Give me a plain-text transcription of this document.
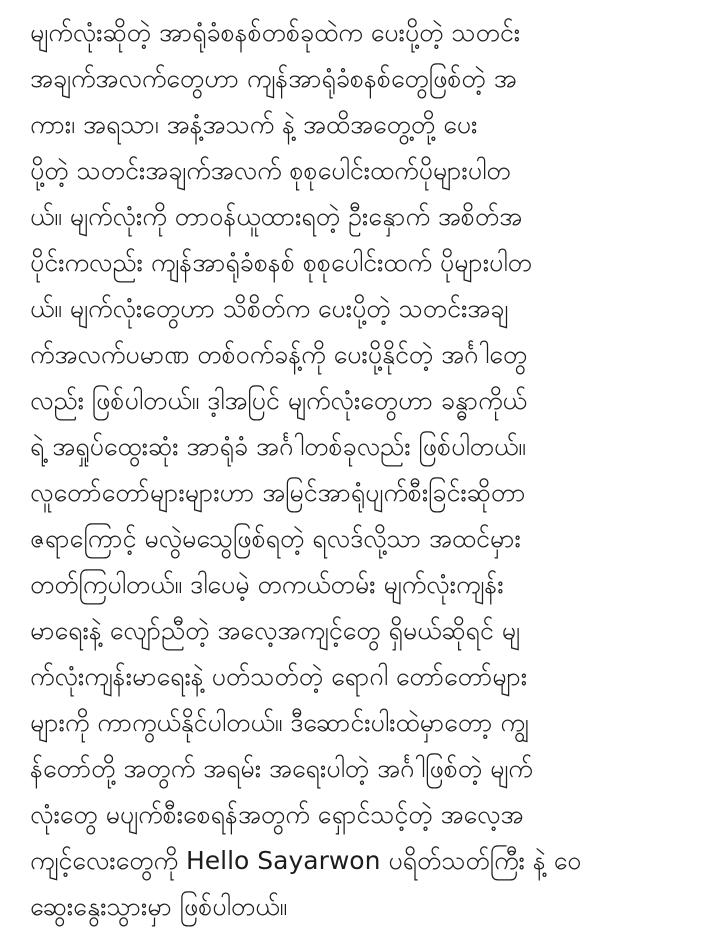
မျက်လုံးဆိုတဲ့ အာရုံခံစနစ်တစ်ခုထဲက ပေးပို့တဲ့ သတင်း
အချက်အလက်တွေဟာ ကျန်အာရုံခံစနစ်တွေဖြစ်တဲ့ အ
ကား၊ အရသာ၊ အနံ့အသက် နဲ့ အထိအတွေ့တို့ ပေး
ပို့တဲ့ သတင်းအချက်အလက် စုစုပေါင်းထက်ပိုများပါတ
ယ်။ မျက်လုံးကို တာဝန်ယူထားရတဲ့ ဦးနှောက် အစိတ်အ
ပိုင်းကလည်း ကျန်အာရုံခံစနစ် စုစုပေါင်းထက် ပိုများပါတ
ယ်။ မျက်လုံးတွေဟာ သိစိတ်က ပေးပို့တဲ့ သတင်းအချ
က်အလက်ပမာဏ တစ်ဝက်ခန့်ကို ပေးပို့နိုင်တဲ့ အင်္ဂါတွေ
လည်း ဖြစ်ပါတယ်။ ဒ့ါအပြင် မျက်လုံးတွေဟာ ခန္ဓာကိုယ်
ရဲ့ အရှုပ်ထွေးဆုံး အာရုံခံ အင်္ဂါတစ်ခုလည်း ဖြစ်ပါတယ်။
လူတော်တော်များများဟာ အမြင်အာရုံပျက်စီးခြင်းဆိုတာ
ဇရာကြောင့် မလွဲမသွေဖြစ်ရတဲ့ ရလဒ်လို့သာ အထင်မှား
တတ်ကြပါတယ်။ ဒါပေမဲ့ တကယ်တမ်း မျက်လုံးကျန်း
မာရေးနဲ့ လျော်ညီတဲ့ အလေ့အကျင့်တွေ ရှိမယ်ဆိုရင် မျ
က်လုံးကျန်းမာရေးနဲ့ ပတ်သတ်တဲ့ ရောဂါ တော်တော်များ
များကို ကာကွယ်နိုင်ပါတယ်။ ဒီဆောင်းပါးထဲမှာတော့ ကျွ
န်တော်တို့ အတွက် အရမ်း အရေးပါတဲ့ အင်္ဂါဖြစ်တဲ့ မျက်
လုံးတွေ မပျက်စီးစေရန်အတွက် ရှောင်သင့်တဲ့ အလေ့အ
ကျင့်လေးတွေကို Hello Sayarwon ပရိတ်သတ်ကြီး နဲ့ ဝေ
ဆွေးနွေးသွားမှာ ဖြစ်ပါတယ်။
